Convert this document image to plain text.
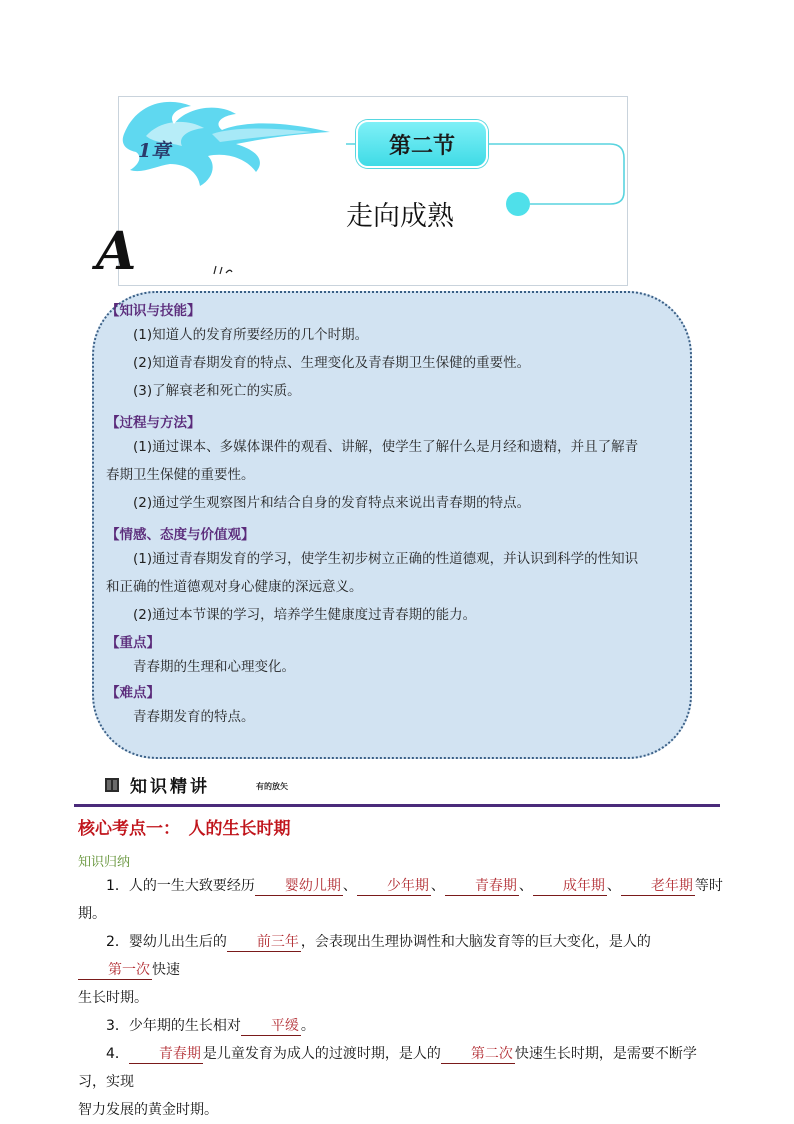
1章	第二节
走向成熟
A

【知识与技能】

(1)知道人的发育所要经历的几个时期。

(2)知道青春期发育的特点、生理变化及青春期卫生保健的重要性。

(3)了解衰老和死亡的实质。

【过程与方法】

(1)通过课本、多媒体课件的观看、讲解，使学生了解什么是月经和遗精，并且了解青

春期卫生保健的重要性。

(2)通过学生观察图片和结合自身的发育特点来说出青春期的特点。

【情感、态度与价值观】

(1)通过青春期发育的学习，使学生初步树立正确的性道德观，并认识到科学的性知识

和正确的性道德观对身心健康的深远意义。

(2)通过本节课的学习，培养学生健康度过青春期的能力。

【重点】

青春期的生理和心理变化。

【难点】

青春期发育的特点。

知识精讲	有的放矢
核心考点一：　人的生长时期
知识归纳

1．人的一生大致要经历 婴幼儿期 、 少年期 、 青春期 、 成年期 、 老年期 等时期。

2．婴幼儿出生后的 前三年 ，会表现出生理协调性和大脑发育等的巨大变化，是人的第一次 快速

生长时期。

3．少年期的生长相对 平缓 。

4． 青春期 是儿童发育为成人的过渡时期，是人的 第二次 快速生长时期，是需要不断学习，实现

智力发展的黄金时期。
